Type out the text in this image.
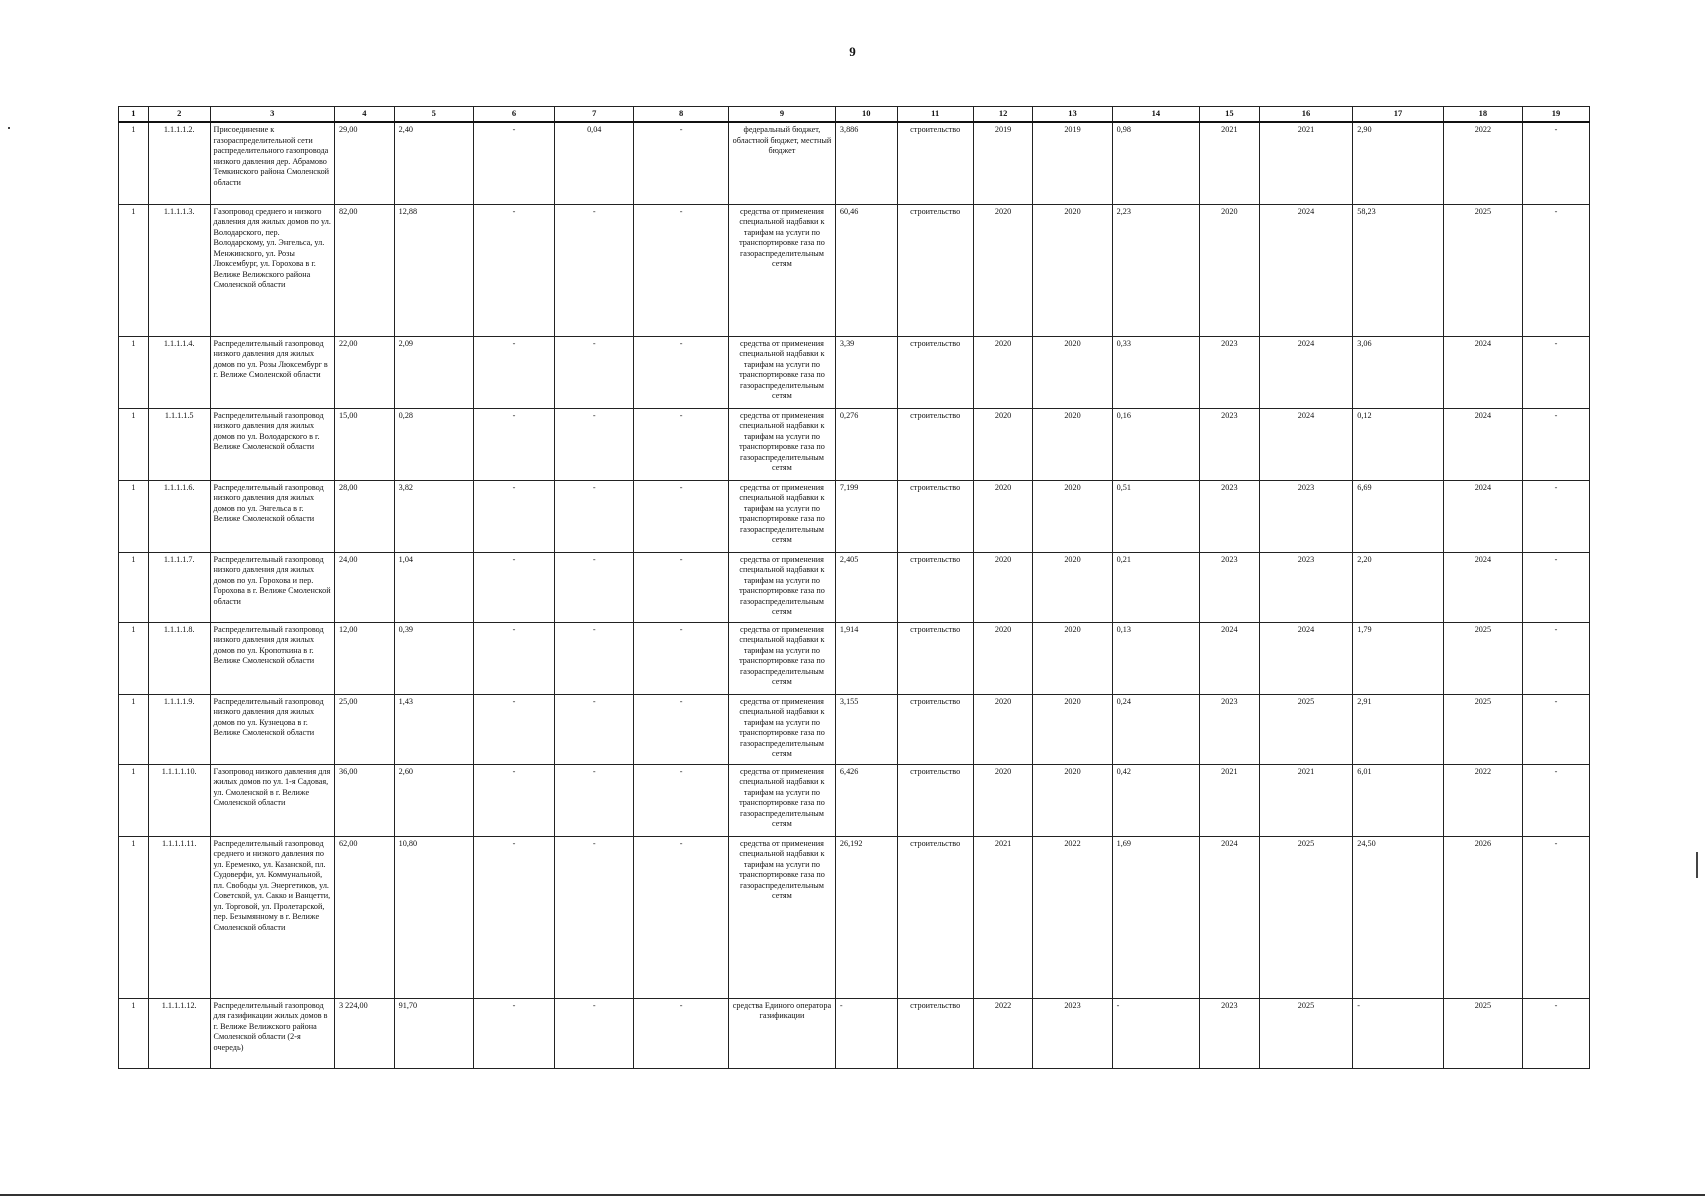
9
1	2	3	4	5	6	7	8	9	10	11	12	13	14	15	16	17	18	19
1	1.1.1.1.2.	Присоединение к газораспределительной сети распределительного газопровода низкого давления дер. Абрамово Темкинского района Смоленской области	29,00	2,40	-	0,04	-	федеральный бюджет, областной бюджет, местный бюджет	3,886	строительство	2019	2019	0,98	2021	2021	2,90	2022	-
1	1.1.1.1.3.	Газопровод среднего и низкого давления для жилых домов по ул. Володарского, пер. Володарскому, ул. Энгельса, ул. Менжинского, ул. Розы Люксембург, ул. Горохова в г. Велиже Велижского района Смоленской области	82,00	12,88	-	-	-	средства от применения специальной надбавки к тарифам на услуги по транспортировке газа по газораспределительным сетям	60,46	строительство	2020	2020	2,23	2020	2024	58,23	2025	-
1	1.1.1.1.4.	Распределительный газопровод низкого давления для жилых домов по ул. Розы Люксембург в г. Велиже Смоленской области	22,00	2,09	-	-	-	средства от применения специальной надбавки к тарифам на услуги по транспортировке газа по газораспределительным сетям	3,39	строительство	2020	2020	0,33	2023	2024	3,06	2024	-
1	1.1.1.1.5	Распределительный газопровод низкого давления для жилых домов по ул. Володарского в г. Велиже Смоленской области	15,00	0,28	-	-	-	средства от применения специальной надбавки к тарифам на услуги по транспортировке газа по газораспределительным сетям	0,276	строительство	2020	2020	0,16	2023	2024	0,12	2024	-
1	1.1.1.1.6.	Распределительный газопровод низкого давления для жилых домов по ул. Энгельса в г. Велиже Смоленской области	28,00	3,82	-	-	-	средства от применения специальной надбавки к тарифам на услуги по транспортировке газа по газораспределительным сетям	7,199	строительство	2020	2020	0,51	2023	2023	6,69	2024	-
1	1.1.1.1.7.	Распределительный газопровод низкого давления для жилых домов по ул. Горохова и пер. Горохова в г. Велиже Смоленской области	24,00	1,04	-	-	-	средства от применения специальной надбавки к тарифам на услуги по транспортировке газа по газораспределительным сетям	2,405	строительство	2020	2020	0,21	2023	2023	2,20	2024	-
1	1.1.1.1.8.	Распределительный газопровод низкого давления для жилых домов по ул. Кропоткина в г. Велиже Смоленской области	12,00	0,39	-	-	-	средства от применения специальной надбавки к тарифам на услуги по транспортировке газа по газораспределительным сетям	1,914	строительство	2020	2020	0,13	2024	2024	1,79	2025	-
1	1.1.1.1.9.	Распределительный газопровод низкого давления для жилых домов по ул. Кузнецова в г. Велиже Смоленской области	25,00	1,43	-	-	-	средства от применения специальной надбавки к тарифам на услуги по транспортировке газа по газораспределительным сетям	3,155	строительство	2020	2020	0,24	2023	2025	2,91	2025	-
1	1.1.1.1.10.	Газопровод низкого давления для жилых домов по ул. 1-я Садовая, ул. Смоленской в г. Велиже Смоленской области	36,00	2,60	-	-	-	средства от применения специальной надбавки к тарифам на услуги по транспортировке газа по газораспределительным сетям	6,426	строительство	2020	2020	0,42	2021	2021	6,01	2022	-
1	1.1.1.1.11.	Распределительный газопровод среднего и низкого давления по ул. Еременко, ул. Казанской, пл. Судоверфи, ул. Коммунальной, пл. Свободы ул. Энергетиков, ул. Советской, ул. Сакко и Ванцетти, ул. Торговой, ул. Пролетарской, пер. Безымянному в г. Велиже Смоленской области	62,00	10,80	-	-	-	средства от применения специальной надбавки к тарифам на услуги по транспортировке газа по газораспределительным сетям	26,192	строительство	2021	2022	1,69	2024	2025	24,50	2026	-
1	1.1.1.1.12.	Распределительный газопровод для газификации жилых домов в г. Велиже Велижского района Смоленской области (2-я очередь)	3 224,00	91,70	-	-	-	средства Единого оператора газификации	-	строительство	2022	2023	-	2023	2025	-	2025	-
